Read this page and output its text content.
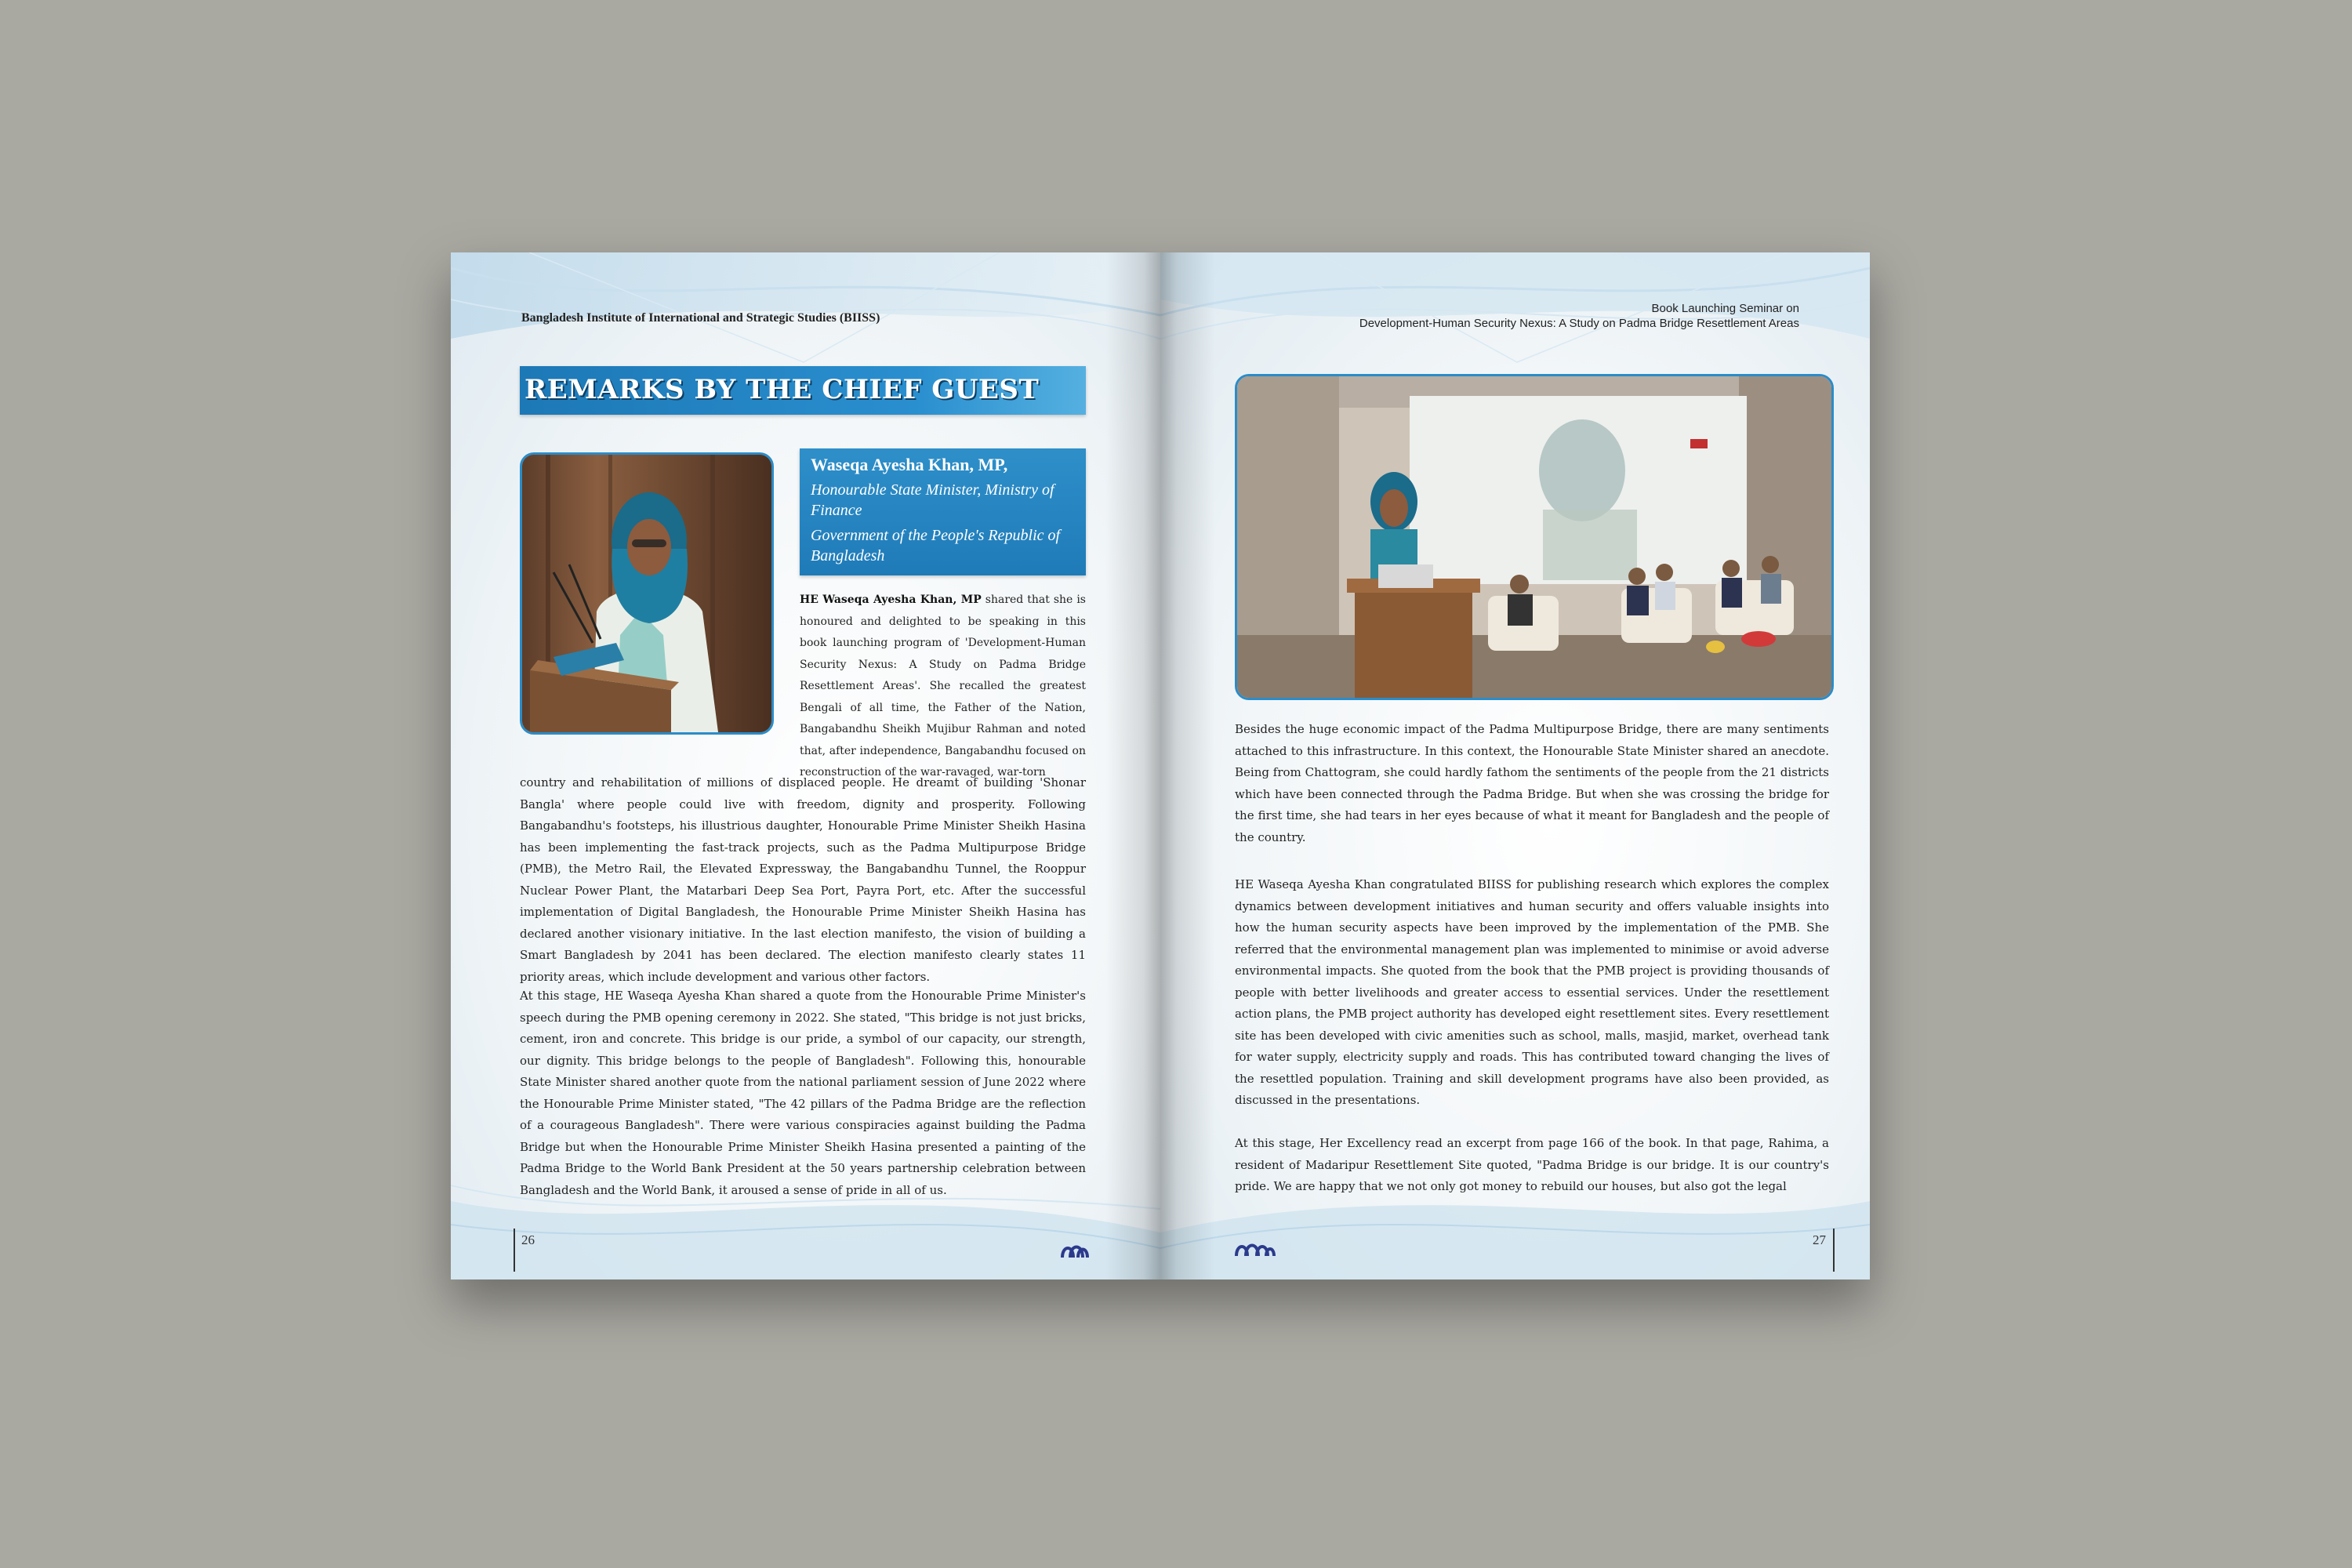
Bangladesh Institute of International and Strategic Studies (BIISS)
REMARKS BY THE CHIEF GUEST
Waseqa Ayesha Khan, MP,
Honourable State Minister, Ministry of
Finance
Government of the People's Republic of
Bangladesh

HE Waseqa Ayesha Khan, MP shared that she is honoured and delighted to be speaking in this book launching program of 'Development-Human Security Nexus: A Study on Padma Bridge Resettlement Areas'. She recalled the greatest Bengali of all time, the Father of the Nation, Bangabandhu Sheikh Mujibur Rahman and noted that, after independence, Bangabandhu focused on reconstruction of the war-ravaged, war-torn

country and rehabilitation of millions of displaced people. He dreamt of building 'Shonar Bangla' where people could live with freedom, dignity and prosperity. Following Bangabandhu's footsteps, his illustrious daughter, Honourable Prime Minister Sheikh Hasina has been implementing the fast-track projects, such as the Padma Multipurpose Bridge (PMB), the Metro Rail, the Elevated Expressway, the Bangabandhu Tunnel, the Rooppur Nuclear Power Plant, the Matarbari Deep Sea Port, Payra Port, etc. After the successful implementation of Digital Bangladesh, the Honourable Prime Minister Sheikh Hasina has declared another visionary initiative. In the last election manifesto, the vision of building a Smart Bangladesh by 2041 has been declared. The election manifesto clearly states 11 priority areas, which include development and various other factors.

At this stage, HE Waseqa Ayesha Khan shared a quote from the Honourable Prime Minister's speech during the PMB opening ceremony in 2022. She stated, "This bridge is not just bricks, cement, iron and concrete. This bridge is our pride, a symbol of our capacity, our strength, our dignity. This bridge belongs to the people of Bangladesh". Following this, honourable State Minister shared another quote from the national parliament session of June 2022 where the Honourable Prime Minister stated, "The 42 pillars of the Padma Bridge are the reflection of a courageous Bangladesh". There were various conspiracies against building the Padma Bridge but when the Honourable Prime Minister Sheikh Hasina presented a painting of the Padma Bridge to the World Bank President at the 50 years partnership celebration between Bangladesh and the World Bank, it aroused a sense of pride in all of us.

26
Book Launching Seminar on
Development-Human Security Nexus: A Study on Padma Bridge Resettlement Areas

Besides the huge economic impact of the Padma Multipurpose Bridge, there are many sentiments attached to this infrastructure. In this context, the Honourable State Minister shared an anecdote. Being from Chattogram, she could hardly fathom the sentiments of the people from the 21 districts which have been connected through the Padma Bridge. But when she was crossing the bridge for the first time, she had tears in her eyes because of what it meant for Bangladesh and the people of the country.

HE Waseqa Ayesha Khan congratulated BIISS for publishing research which explores the complex dynamics between development initiatives and human security and offers valuable insights into how the human security aspects have been improved by the implementation of the PMB. She referred that the environmental management plan was implemented to minimise or avoid adverse environmental impacts. She quoted from the book that the PMB project is providing thousands of people with better livelihoods and greater access to essential services. Under the resettlement action plans, the PMB project authority has developed eight resettlement sites. Every resettlement site has been developed with civic amenities such as school, malls, masjid, market, overhead tank for water supply, electricity supply and roads. This has contributed toward changing the lives of the resettled population. Training and skill development programs have also been provided, as discussed in the presentations.

At this stage, Her Excellency read an excerpt from page 166 of the book. In that page, Rahima, a resident of Madaripur Resettlement Site quoted, "Padma Bridge is our bridge. It is our country's pride. We are happy that we not only got money to rebuild our houses, but also got the legal

27
